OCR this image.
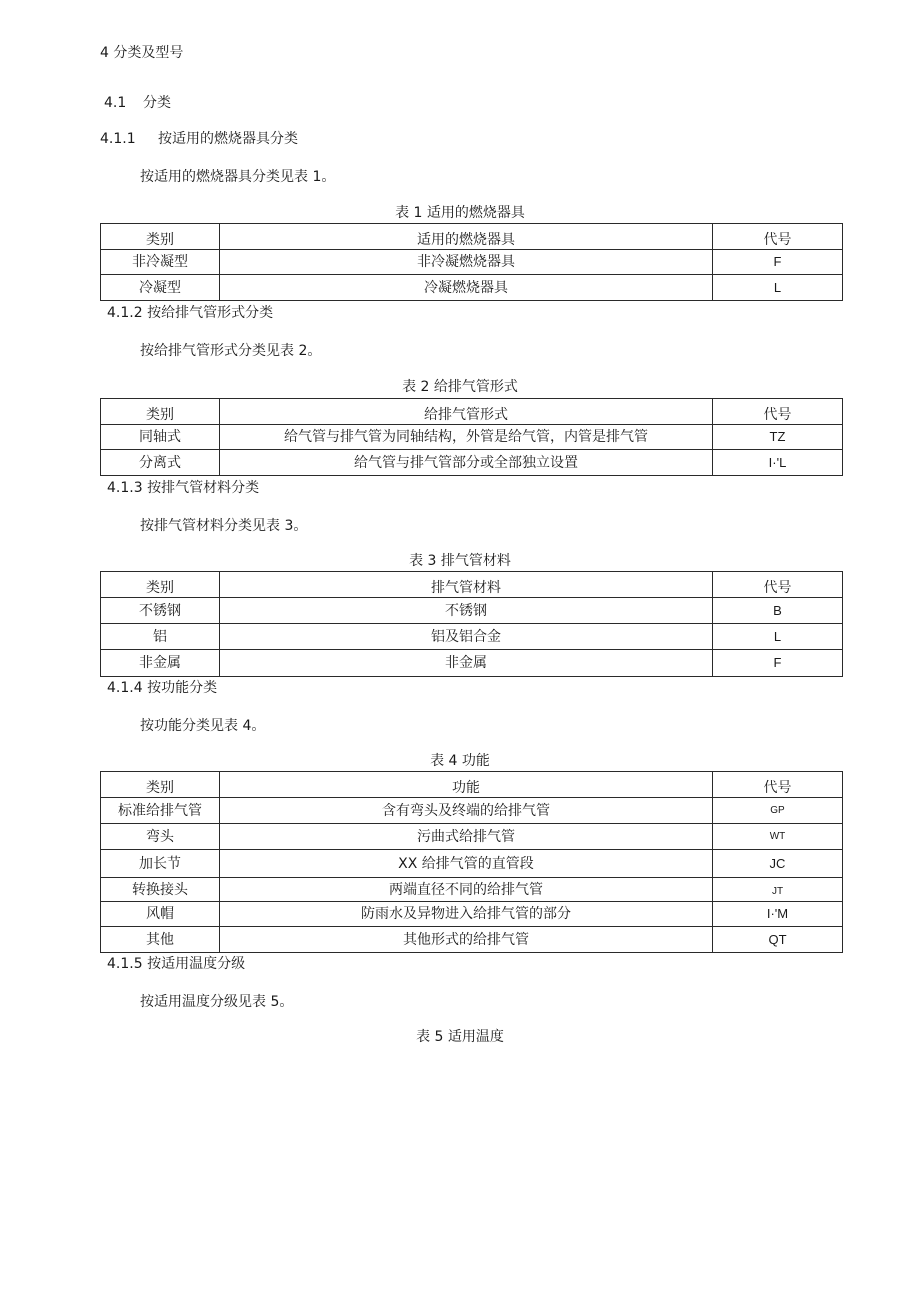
4 分类及型号
4.1 分类
4.1.1 按适用的燃烧器具分类
按适用的燃烧器具分类见表 1。
表 1 适用的燃烧器具
类别	适用的燃烧器具	代号
非冷凝型	非冷凝燃烧器具	F
冷凝型	冷凝燃烧器具	L
4.1.2 按给排气管形式分类
按给排气管形式分类见表 2。
表 2 给排气管形式
类别	给排气管形式	代号
同轴式	给气管与排气管为同轴结构，外管是给气管，内管是排气管	TZ
分离式	给气管与排气管部分或全部独立设置	I·'L
4.1.3 按排气管材料分类
按排气管材料分类见表 3。
表 3 排气管材料
类别	排气管材料	代号
不锈钢	不锈钢	B
铝	铝及铝合金	L
非金属	非金属	F
4.1.4 按功能分类
按功能分类见表 4。
表 4 功能
类别	功能	代号
标准给排气管	含有弯头及终端的给排气管	GP
弯头	污曲式给排气管	WT
加长节	XX 给排气管的直管段	JC
转换接头	两端直径不同的给排气管	JT
风帽	防雨水及异物进入给排气管的部分	I·'M
其他	其他形式的给排气管	QT
4.1.5 按适用温度分级
按适用温度分级见表 5。
表 5 适用温度
